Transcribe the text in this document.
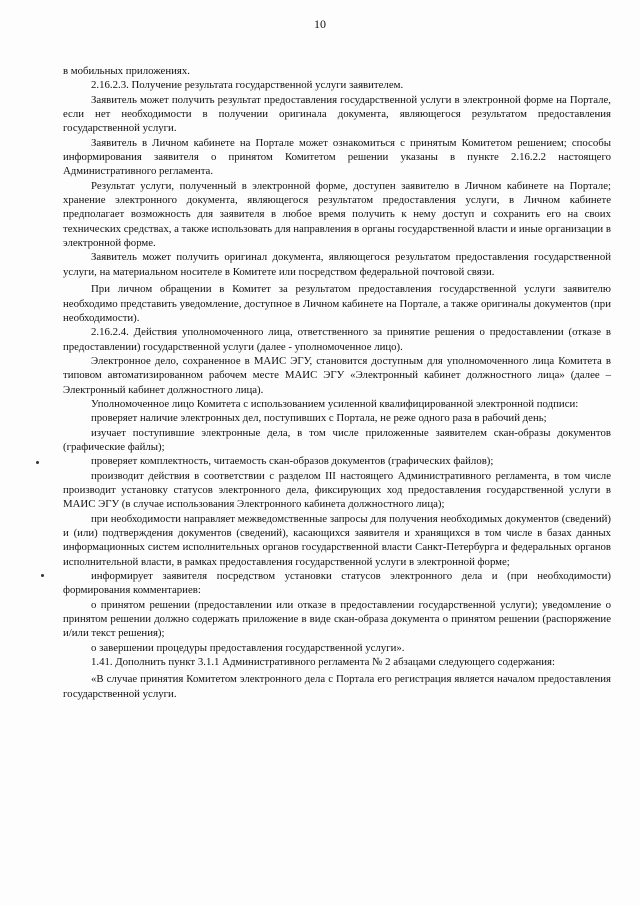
10

в мобильных приложениях.

2.16.2.3. Получение результата государственной услуги заявителем.

Заявитель может получить результат предоставления государственной услуги в электронной форме на Портале, если нет необходимости в получении оригинала документа, являющегося результатом предоставления государственной услуги.

Заявитель в Личном кабинете на Портале может ознакомиться с принятым Комитетом решением; способы информирования заявителя о принятом Комитетом решении указаны в пункте 2.16.2.2 настоящего Административного регламента.

Результат услуги, полученный в электронной форме, доступен заявителю в Личном кабинете на Портале; хранение электронного документа, являющегося результатом предоставления услуги, в Личном кабинете предполагает возможность для заявителя в любое время получить к нему доступ и сохранить его на своих технических средствах, а также использовать для направления в органы государственной власти и иные организации в электронной форме.

Заявитель может получить оригинал документа, являющегося результатом предоставления государственной услуги, на материальном носителе в Комитете или посредством федеральной почтовой связи.

При личном обращении в Комитет за результатом предоставления государственной услуги заявителю необходимо представить уведомление, доступное в Личном кабинете на Портале, а также оригиналы документов (при необходимости).

2.16.2.4. Действия уполномоченного лица, ответственного за принятие решения о предоставлении (отказе в предоставлении) государственной услуги (далее - уполномоченное лицо).

Электронное дело, сохраненное в МАИС ЭГУ, становится доступным для уполномоченного лица Комитета в типовом автоматизированном рабочем месте МАИС ЭГУ «Электронный кабинет должностного лица» (далее – Электронный кабинет должностного лица).

Уполномоченное лицо Комитета с использованием усиленной квалифицированной электронной подписи:

проверяет наличие электронных дел, поступивших с Портала, не реже одного раза в рабочий день;

изучает поступившие электронные дела, в том числе приложенные заявителем скан-образы документов (графические файлы);

проверяет комплектность, читаемость скан-образов документов (графических файлов);

производит действия в соответствии с разделом III настоящего Административного регламента, в том числе производит установку статусов электронного дела, фиксирующих ход предоставления государственной услуги в МАИС ЭГУ (в случае использования Электронного кабинета должностного лица);

при необходимости направляет межведомственные запросы для получения необходимых документов (сведений) и (или) подтверждения документов (сведений), касающихся заявителя и хранящихся в том числе в базах данных информационных систем исполнительных органов государственной власти Санкт-Петербурга и федеральных органов исполнительной власти, в рамках предоставления государственной услуги в электронной форме;

информирует заявителя посредством установки статусов электронного дела и (при необходимости) формирования комментариев:

о принятом решении (предоставлении или отказе в предоставлении государственной услуги); уведомление о принятом решении должно содержать приложение в виде скан-образа документа о принятом решении (распоряжение и/или текст решения);

о завершении процедуры предоставления государственной услуги».

1.41. Дополнить пункт 3.1.1 Административного регламента № 2 абзацами следующего содержания:

«В случае принятия Комитетом электронного дела с Портала его регистрация является началом предоставления государственной услуги.
